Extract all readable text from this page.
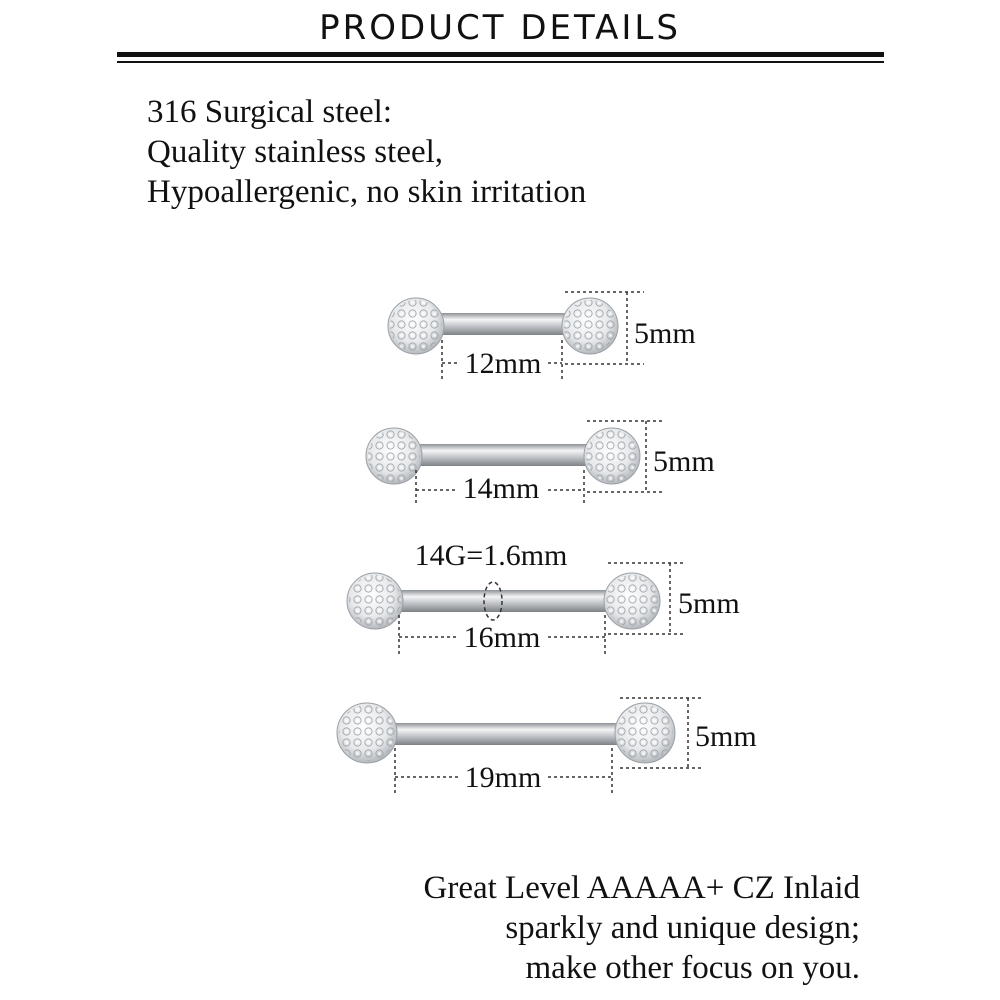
PRODUCT DETAILS
316 Surgical steel:
Quality stainless steel,
Hypoallergenic, no skin irritation
12mm
5mm
14mm
5mm
14G=1.6mm
16mm
5mm
19mm
5mm
Great Level AAAAA+ CZ Inlaid
sparkly and unique design;
make other focus on you.
